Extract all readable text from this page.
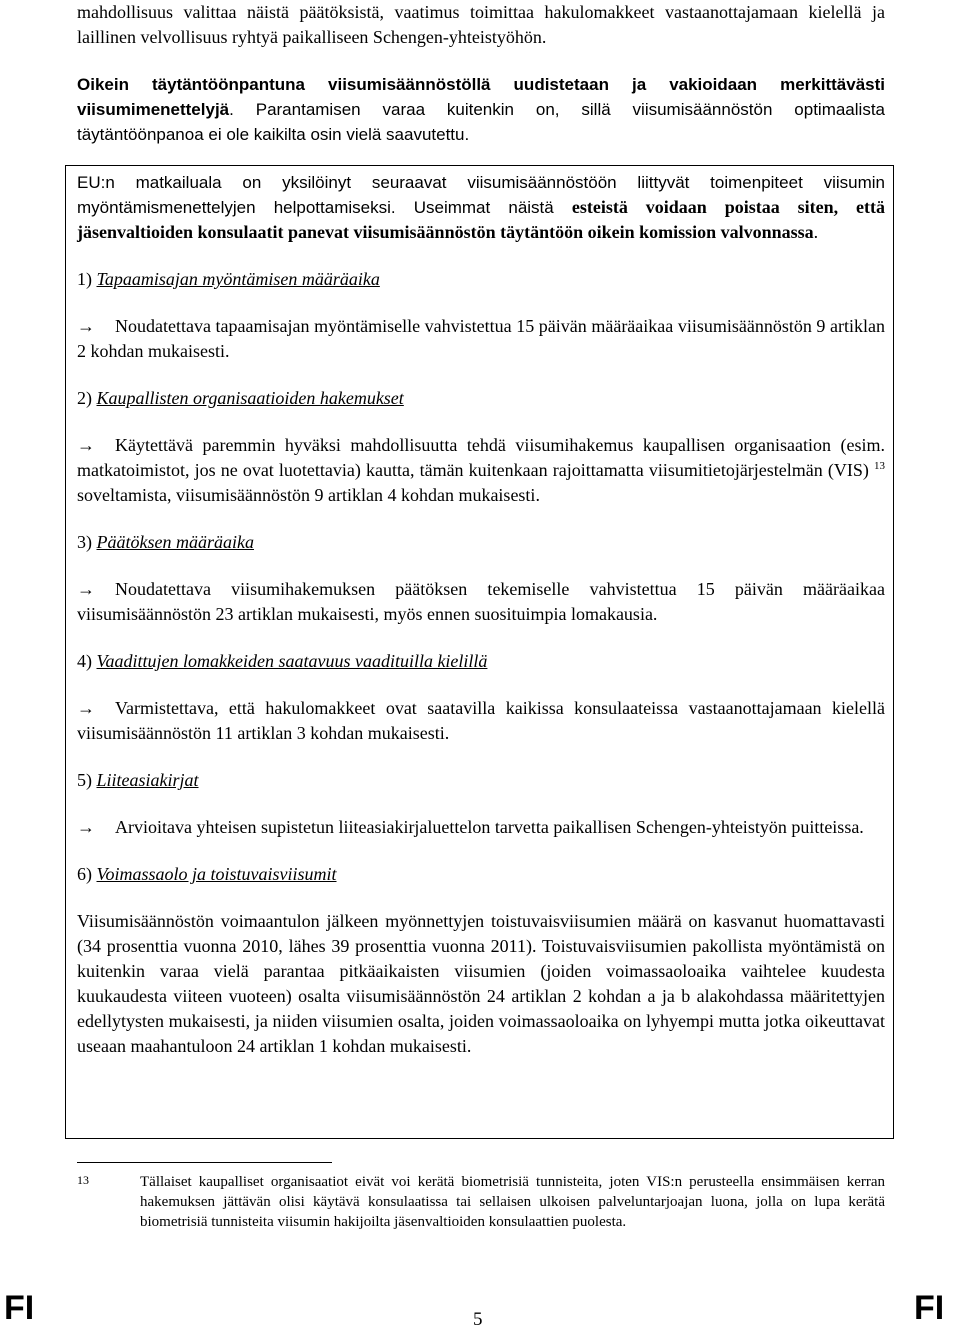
mahdollisuus valittaa näistä päätöksistä, vaatimus toimittaa hakulomakkeet vastaanottajamaan kielellä ja laillinen velvollisuus ryhtyä paikalliseen Schengen-yhteistyöhön.

Oikein täytäntöönpantuna viisumisäännöstöllä uudistetaan ja vakioidaan merkittävästi viisumimenettelyjä. Parantamisen varaa kuitenkin on, sillä viisumisäännöstön optimaalista täytäntöönpanoa ei ole kaikilta osin vielä saavutettu.

EU:n matkailuala on yksilöinyt seuraavat viisumisäännöstöön liittyvät toimenpiteet viisumin myöntämismenettelyjen helpottamiseksi. Useimmat näistä esteistä voidaan poistaa siten, että jäsenvaltioiden konsulaatit panevat viisumisäännöstön täytäntöön oikein komission valvonnassa.

1) Tapaamisajan myöntämisen määräaika

→ Noudatettava tapaamisajan myöntämiselle vahvistettua 15 päivän määräaikaa viisumisäännöstön 9 artiklan 2 kohdan mukaisesti.

2) Kaupallisten organisaatioiden hakemukset

→ Käytettävä paremmin hyväksi mahdollisuutta tehdä viisumihakemus kaupallisen organisaation (esim. matkatoimistot, jos ne ovat luotettavia) kautta, tämän kuitenkaan rajoittamatta viisumitietojärjestelmän (VIS) $^{13}$ soveltamista, viisumisäännöstön 9 artiklan 4 kohdan mukaisesti.

3) Päätöksen määräaika

→ Noudatettava viisumihakemuksen päätöksen tekemiselle vahvistettua 15 päivän määräaikaa viisumisäännöstön 23 artiklan mukaisesti, myös ennen suosituimpia lomakausia.

4) Vaadittujen lomakkeiden saatavuus vaadituilla kielillä

→ Varmistettava, että hakulomakkeet ovat saatavilla kaikissa konsulaateissa vastaanottajamaan kielellä viisumisäännöstön 11 artiklan 3 kohdan mukaisesti.

5) Liiteasiakirjat

→ Arvioitava yhteisen supistetun liiteasiakirjaluettelon tarvetta paikallisen Schengen-yhteistyön puitteissa.

6) Voimassaolo ja toistuvaisviisumit

Viisumisäännöstön voimaantulon jälkeen myönnettyjen toistuvaisviisumien määrä on kasvanut huomattavasti (34 prosenttia vuonna 2010, lähes 39 prosenttia vuonna 2011). Toistuvaisviisumien pakollista myöntämistä on kuitenkin varaa vielä parantaa pitkäaikaisten viisumien (joiden voimassaoloaika vaihtelee kuudesta kuukaudesta viiteen vuoteen) osalta viisumisäännöstön 24 artiklan 2 kohdan a ja b alakohdassa määritettyjen edellytysten mukaisesti, ja niiden viisumien osalta, joiden voimassaoloaika on lyhyempi mutta jotka oikeuttavat useaan maahantuloon 24 artiklan 1 kohdan mukaisesti.

13	Tällaiset kaupalliset organisaatiot eivät voi kerätä biometrisiä tunnisteita, joten VIS:n perusteella ensimmäisen kerran hakemuksen jättävän olisi käytävä konsulaatissa tai sellaisen ulkoisen palveluntarjoajan luona, jolla on lupa kerätä biometrisiä tunnisteita viisumin hakijoilta jäsenvaltioiden konsulaattien puolesta.
FI	5	FI
